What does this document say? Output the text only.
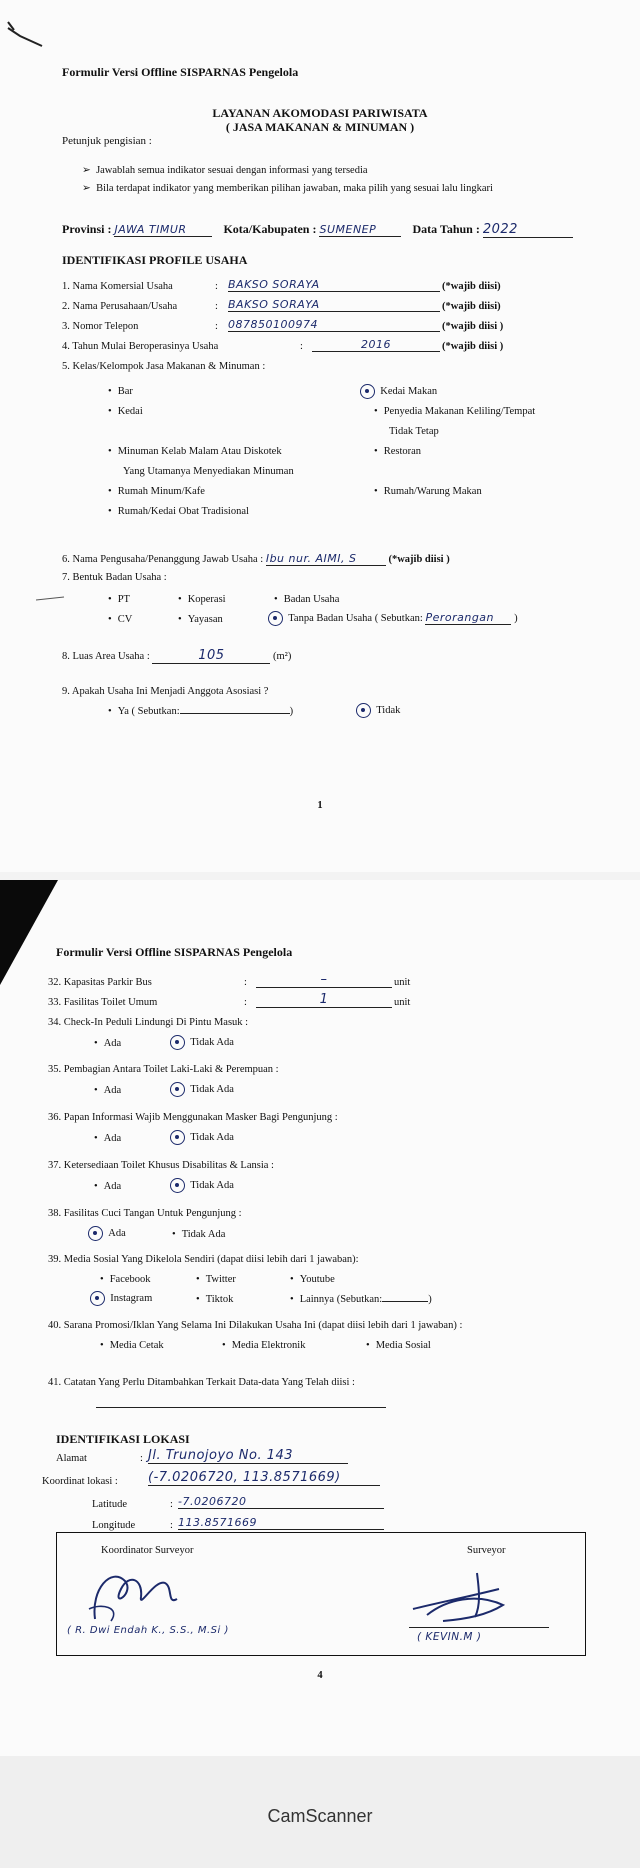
Formulir Versi Offline SISPARNAS Pengelola
LAYANAN AKOMODASI PARIWISATA
( JASA MAKANAN & MINUMAN )
Petunjuk pengisian :
➢  Jawablah semua indikator sesuai dengan informasi yang tersedia
➢  Bila terdapat indikator yang memberikan pilihan jawaban, maka pilih yang sesuai lalu lingkari
Provinsi : JAWA TIMUR	Kota/Kabupaten : SUMENEP	Data Tahun : 2022
IDENTIFIKASI PROFILE USAHA
1. Nama Komersial Usaha	: BAKSO SORAYA	(*wajib diisi)
2. Nama Perusahaan/Usaha	: BAKSO SORAYA	(*wajib diisi)
3. Nomor Telepon	: 087850100974	(*wajib diisi )
4. Tahun Mulai Beroperasinya Usaha	:	2016	(*wajib diisi )
5. Kelas/Kelompok Jasa Makanan & Minuman :
• Bar
• Kedai
• Minuman Kelab Malam Atau Diskotek
Yang Utamanya Menyediakan Minuman
• Rumah Minum/Kafe
• Rumah/Kedai Obat Tradisional
Kedai Makan
• Penyedia Makanan Keliling/Tempat
Tidak Tetap
• Restoran
• Rumah/Warung Makan
6. Nama Pengusaha/Penanggung Jawab Usaha : Ibu nur. AIMI, S	(*wajib diisi )
7. Bentuk Badan Usaha :
• PT	• Koperasi	• Badan Usaha
• CV	• Yayasan	Tanpa Badan Usaha ( Sebutkan: Perorangan )
8. Luas Area Usaha :	105	(m²)
9. Apakah Usaha Ini Menjadi Anggota Asosiasi ?
• Ya ( Sebutkan:	)	Tidak
1
Formulir Versi Offline SISPARNAS Pengelola
32. Kapasitas Parkir Bus	:	–	unit
33. Fasilitas Toilet Umum	:	1	unit
34. Check-In Peduli Lindungi Di Pintu Masuk :
• Ada	Tidak Ada
35. Pembagian Antara Toilet Laki-Laki & Perempuan :
• Ada	Tidak Ada
36. Papan Informasi Wajib Menggunakan Masker Bagi Pengunjung :
• Ada	Tidak Ada
37. Ketersediaan Toilet Khusus Disabilitas & Lansia :
• Ada	Tidak Ada
38. Fasilitas Cuci Tangan Untuk Pengunjung :
Ada	• Tidak Ada
39. Media Sosial Yang Dikelola Sendiri (dapat diisi lebih dari 1 jawaban):
• Facebook	• Twitter	• Youtube
Instagram	• Tiktok	• Lainnya (Sebutkan:	)
40. Sarana Promosi/Iklan Yang Selama Ini Dilakukan Usaha Ini (dapat diisi lebih dari 1 jawaban) :
• Media Cetak	• Media Elektronik	• Media Sosial
41. Catatan Yang Perlu Ditambahkan Terkait Data-data Yang Telah diisi :
IDENTIFIKASI LOKASI
Alamat	: Jl. Trunojoyo No. 143
Koordinat lokasi : (-7.0206720, 113.8571669)
Latitude	: -7.0206720
Longitude	: 113.8571669
4
Koordinator Surveyor
( R. Dwi Endah K., S.S., M.Si )
Surveyor
( KEVIN.M )
CamScanner
